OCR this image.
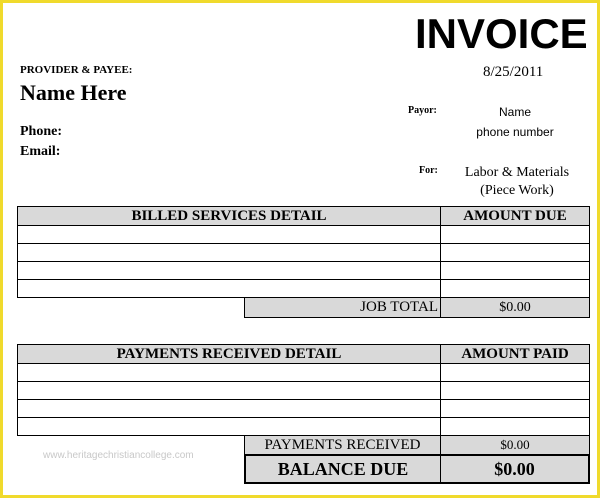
INVOICE
PROVIDER & PAYEE:
Name Here
Phone:
Email:
8/25/2011
Payor:	Name
phone number
For:	Labor & Materials
(Piece Work)
BILLED SERVICES DETAIL	AMOUNT DUE
JOB TOTAL	$0.00
PAYMENTS RECEIVED DETAIL	AMOUNT PAID
PAYMENTS RECEIVED	$0.00
BALANCE DUE	$0.00
www.heritagechristiancollege.com
